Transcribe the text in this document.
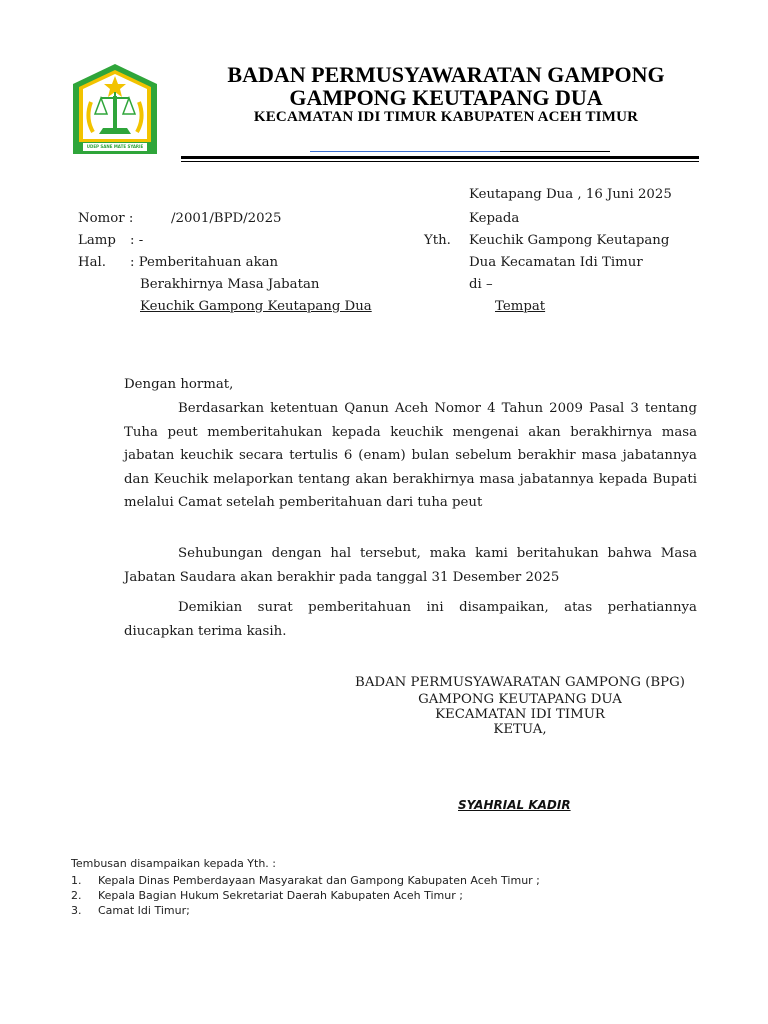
UDEP SANE MATE SYARIE
BADAN PERMUSYAWARATAN GAMPONG
GAMPONG KEUTAPANG DUA
KECAMATAN IDI TIMUR KABUPATEN ACEH TIMUR
Keutapang Dua , 16 Juni 2025
Nomor :	/2001/BPD/2025
Lamp : -
Hal. : Pemberitahuan akan
Berakhirnya Masa Jabatan
Keuchik Gampong Keutapang Dua
Kepada
Yth. Keuchik Gampong Keutapang
Dua Kecamatan Idi Timur
di –
Tempat
Dengan hormat,
Berdasarkan ketentuan Qanun Aceh Nomor 4 Tahun 2009 Pasal 3 tentang Tuha peut memberitahukan kepada keuchik mengenai akan berakhirnya masa jabatan keuchik secara tertulis 6 (enam) bulan sebelum berakhir masa jabatannya dan Keuchik melaporkan tentang akan berakhirnya masa jabatannya kepada Bupati melalui Camat setelah pemberitahuan dari tuha peut
Sehubungan dengan hal tersebut, maka kami beritahukan bahwa Masa Jabatan Saudara akan berakhir pada tanggal 31 Desember 2025
Demikian surat pemberitahuan ini disampaikan, atas perhatiannya diucapkan terima kasih.
BADAN PERMUSYAWARATAN GAMPONG (BPG)
GAMPONG KEUTAPANG DUA
KECAMATAN IDI TIMUR
KETUA,
SYAHRIAL KADIR
Tembusan disampaikan kepada Yth. :
1. Kepala Dinas Pemberdayaan Masyarakat dan Gampong Kabupaten Aceh Timur ;
2. Kepala Bagian Hukum Sekretariat Daerah Kabupaten Aceh Timur ;
3. Camat Idi Timur;
